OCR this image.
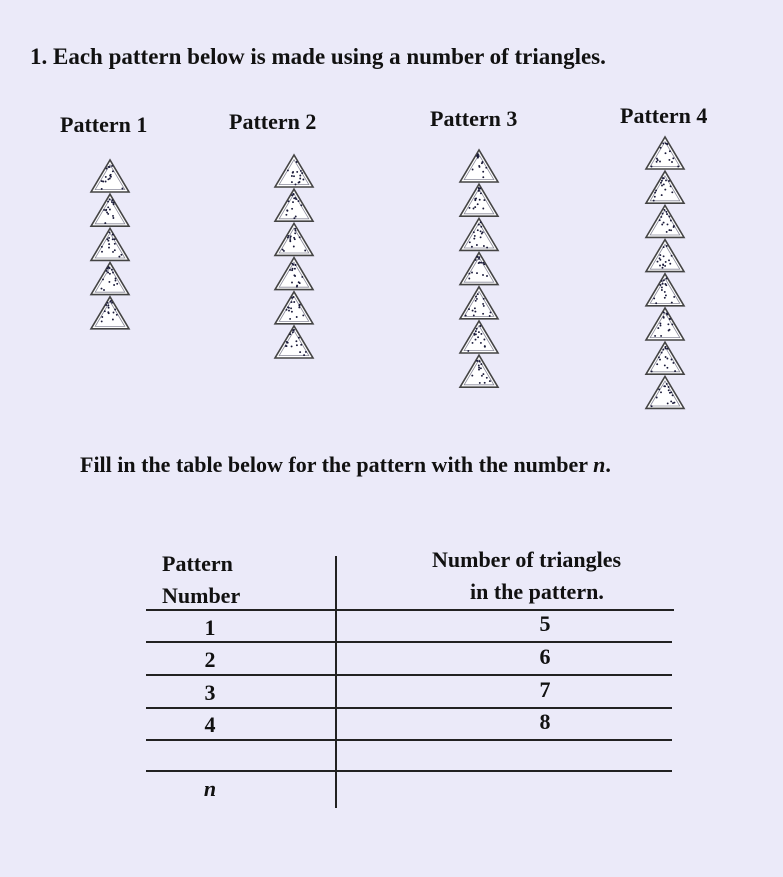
1. Each pattern below is made using a number of triangles.
Pattern 1	Pattern 2	Pattern 3	Pattern 4
Fill in the table below for the pattern with the number n.
Pattern
Number
Number of triangles
in the pattern.
1	5
2	6
3	7
4	8
n
